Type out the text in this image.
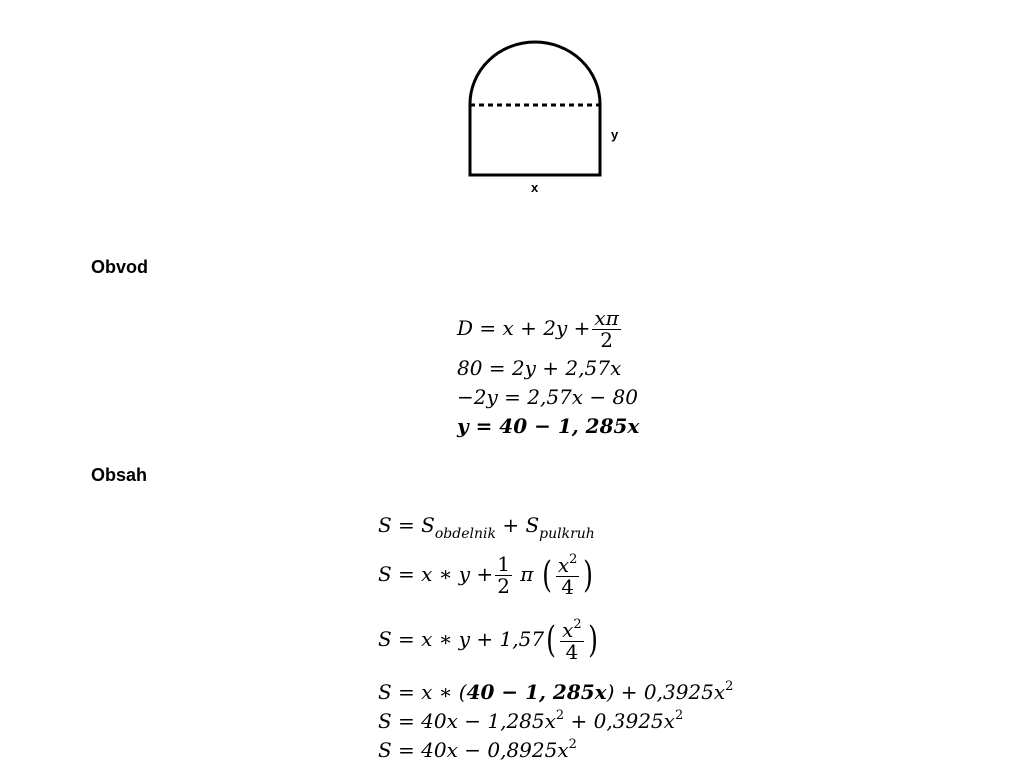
y
x
Obvod
$D = x + 2y + \frac{x\pi}{2}$
80 = 2y + 2,57x
−2y = 2,57x − 80
y = 40 − 1, 285x
Obsah
$S = S_{obdelnik} + S_{pulkruh}$
S = x ∗ $y + \frac{1}{2}$ π ( $\frac{x^2}{4}$ )
S = x ∗ $y + 1,57( \frac{x^2}{4}$ )
S = x ∗ (40 − 1, $285x) + 0,3925x^2$
$S = 40x - 1,285x^2 + 0,3925x^2$
$S = 40x - 0,8925x^2$
